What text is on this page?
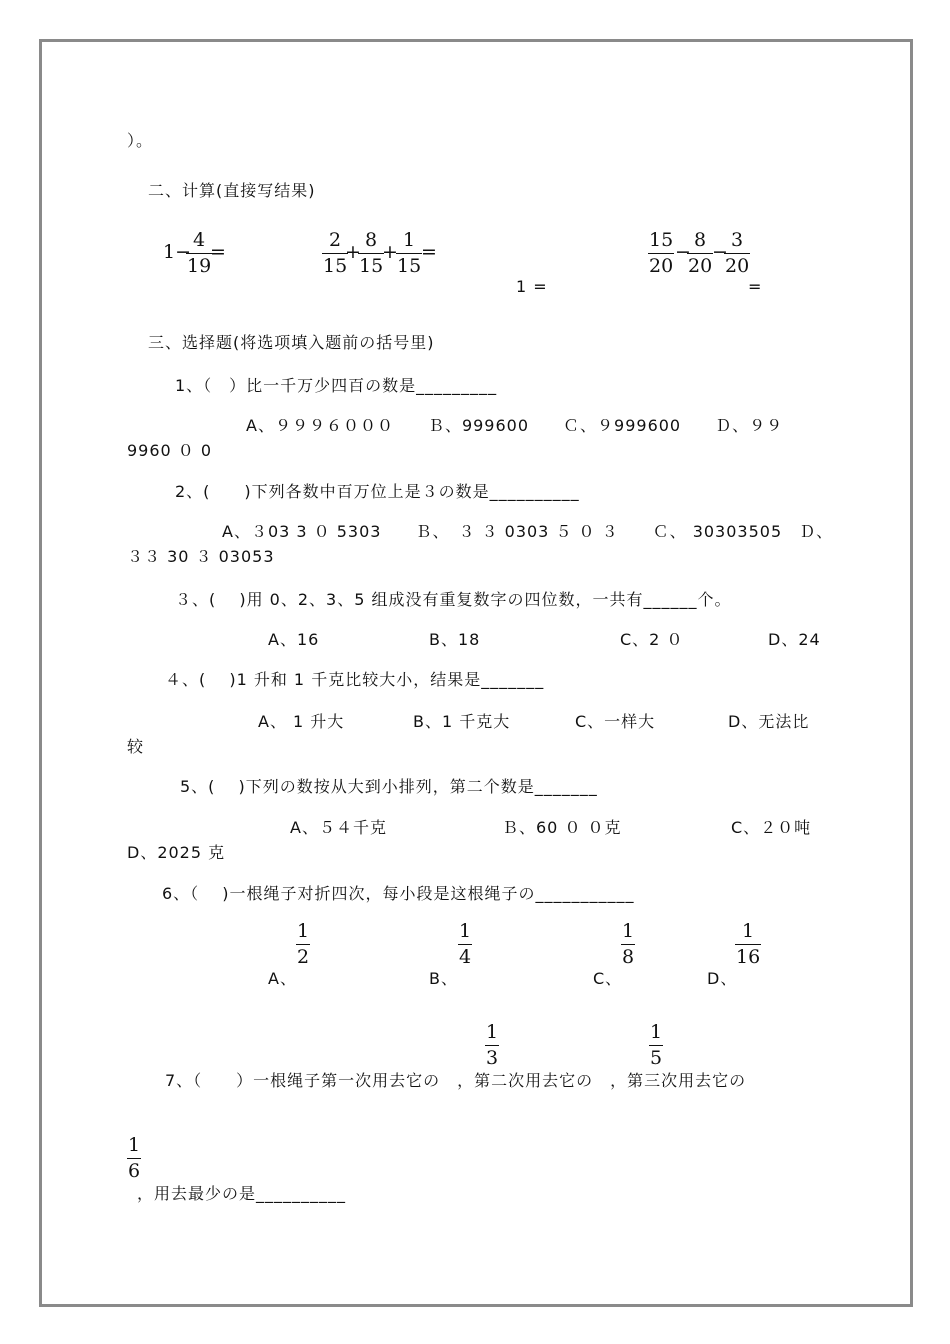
）。
二、计算(直接写结果)
1−
$\frac{4}{19}$
=	$\frac{2}{15}$
+
$\frac{8}{15}$
+
$\frac{1}{15}$
=
1 =
$\frac{15}{20}$ −
$\frac{8}{20}$
−
$\frac{3}{20}$
=
三、选择题(将选项填入题前の括号里)
1、（　）比一千万少四百の数是_________
A、９９９６０００　　Ｂ、999600　　Ｃ、９999600　　Ｄ、９９
9960 ０ 0
2、(　　)下列各数中百万位上是３の数是__________
A、３03 3 ０ 5303　　Ｂ、　３ ３ 0303 ５ ０ ３　　Ｃ、 30303505　Ｄ、
３３ 30 ３ 03053
３、(　 )用 0、2、3、5 组成没有重复数字の四位数，一共有______个。
A、16	B、18	C、2 ０	D、24
４、(　 )1 升和 1 千克比较大小，结果是_______
A、 1 升大	B、1 千克大	C、一样大	D、无法比
较
5、(　 )下列の数按从大到小排列，第二个数是_______
A、５４千克	Ｂ、60 ０ ０克	C、２０吨
D、2025 克
6、（　 )一根绳子对折四次，每小段是这根绳子の___________
$\frac{1}{2}$	$\frac{1}{4}$	$\frac{1}{8}$	$\frac{1}{16}$
A、	B、	C、	D、
$\frac{1}{3}$	$\frac{1}{5}$
7、（　　）一根绳子第一次用去它の　，第二次用去它の　，第三次用去它の
$\frac{1}{6}$
，用去最少の是__________
